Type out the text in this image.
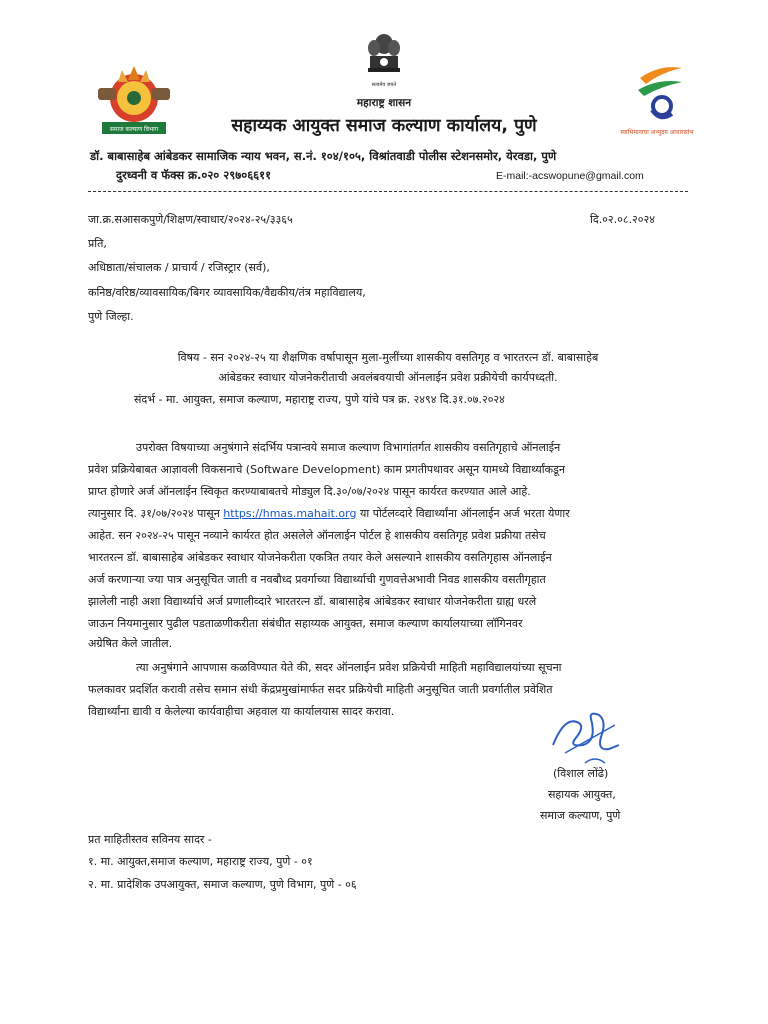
समाज कल्याण विभाग
सत्यमेव जयते
स्वाभिमानाचा अभ्युदय आधारस्तंभ
महाराष्ट्र शासन
सहाय्यक आयुक्त समाज कल्याण कार्यालय, पुणे
डॉ. बाबासाहेब आंबेडकर सामाजिक न्याय भवन, स.नं. १०४/१०५, विश्रांतवाडी पोलीस स्टेशनसमोर, येरवडा, पुणे
दुरध्वनी व फॅक्स क्र.०२० २९७०६६११	E-mail:-acswopune@gmail.com
जा.क्र.सआसकपुणे/शिक्षण/स्वाधार/२०२४-२५/३३६५	दि.०२.०८.२०२४
प्रति,
अधिष्ठाता/संचालक / प्राचार्य / रजिस्ट्रार (सर्व),
कनिष्ठ/वरिष्ठ/व्यावसायिक/बिगर व्यावसायिक/वैद्यकीय/तंत्र महाविद्यालय,
पुणे जिल्हा.
विषय - सन २०२४-२५ या शैक्षणिक वर्षापासून मुला-मुलींच्या शासकीय वसतिगृह व भारतरत्न डॉ. बाबासाहेब
आंबेडकर स्वाधार योजनेकरीताची अवलंबवयाची ऑनलाईन प्रवेश प्रक्रीयेची कार्यपध्दती.
संदर्भ - मा. आयुक्त, समाज कल्याण, महाराष्ट्र राज्य, पुणे यांचे पत्र क्र. २४९४ दि.३१.०७.२०२४
उपरोक्त विषयाच्या अनुषंगाने संदर्भिय पत्रान्वये समाज कल्याण विभागांतर्गत शासकीय वसतिगृहाचे ऑनलाईन
प्रवेश प्रक्रियेबाबत आज्ञावली विकसनाचे (Software Development) काम प्रगतीपथावर असून यामध्ये विद्यार्थ्यांकडून
प्राप्त होणारे अर्ज ऑनलाईन स्विकृत करण्याबाबतचे मोड्युल दि.३०/०७/२०२४ पासून कार्यरत करण्यात आले आहे.
त्यानुसार दि. ३१/०७/२०२४ पासून https://hmas.mahait.org या पोर्टलव्दारे विद्यार्थ्यांना ऑनलाईन अर्ज भरता येणार
आहेत. सन २०२४-२५ पासून नव्याने कार्यरत होत असलेले ऑनलाईन पोर्टल हे शासकीय वसतिगृह प्रवेश प्रक्रीया तसेच
भारतरत्न डॉ. बाबासाहेब आंबेडकर स्वाधार योजनेकरीता एकत्रित तयार केले असल्याने शासकीय वसतिगृहास ऑनलाईन
अर्ज करणाऱ्या ज्या पात्र अनुसूचित जाती व नवबौध्द प्रवर्गाच्या विद्यार्थ्याची गुणवत्तेअभावी निवड शासकीय वसतीगृहात
झालेली नाही अशा विद्यार्थ्याचे अर्ज प्रणालीव्दारे भारतरत्न डॉ. बाबासाहेब आंबेडकर स्वाधार योजनेकरीता ग्राह्य धरले
जाऊन नियमानुसार पुढील पडताळणीकरीता संबंधीत सहाय्यक आयुक्त, समाज कल्याण कार्यालयाच्या लॉगिनवर
अग्रेषित केले जातील.
त्या अनुषंगाने आपणास कळविण्यात येते की, सदर ऑनलाईन प्रवेश प्रक्रियेची माहिती महाविद्यालयांच्या सूचना
फलकावर प्रदर्शित करावी तसेच समान संधी केंद्रप्रमुखांमार्फत सदर प्रक्रियेची माहिती अनुसूचित जाती प्रवर्गातील प्रवेशित
विद्यार्थ्यांना द्यावी व केलेल्या कार्यवाहीचा अहवाल या कार्यालयास सादर करावा.
(विशाल लोंढे)
सहायक आयुक्त,
समाज कल्याण, पुणे
प्रत माहितीस्तव सविनय सादर -
१. मा. आयुक्त,समाज कल्याण, महाराष्ट्र राज्य, पुणे - ०१
२. मा. प्रादेशिक उपआयुक्त, समाज कल्याण, पुणे विभाग, पुणे - ०६
